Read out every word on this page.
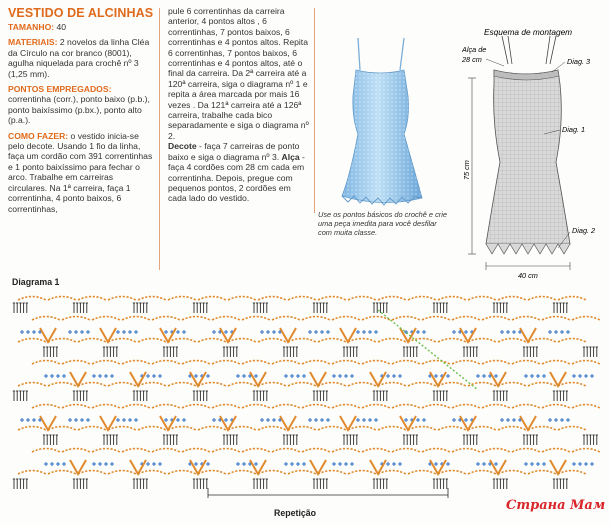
VESTIDO DE ALCINHAS

TAMANHO: 40

MATERIAIS: 2 novelos da linha Cléa da Círculo na cor branco (8001), agulha niquelada para crochê nº 3 (1,25 mm).

PONTOS EMPREGADOS:

correntinha (corr.), ponto baixo (p.b.), ponto baixíssimo (p.bx.), ponto alto (p.a.).

COMO FAZER: o vestido inicia-se pelo decote. Usando 1 fio da linha, faça um cordão com 391 correntinhas e 1 ponto baixíssimo para fechar o arco. Trabalhe em carreiras circulares. Na 1ª carreira, faça 1 correntinha, 4 ponto baixos, 6 correntinhas,

pule 6 correntinhas da carreira anterior, 4 pontos altos , 6 correntinhas, 7 pontos baixos, 6 correntinhas e 4 pontos altos. Repita 6 correntinhas, 7 pontos baixos, 6 correntinhas e 4 pontos altos, até o final da carreira. Da 2ª carreira até a 120ª carreira, siga o diagrama nº 1 e repita a área marcada por mais 16 vezes . Da 121ª carreira até a 126ª carreira, trabalhe cada bico separadamente e siga o diagrama nº 2.

Decote - faça 7 carreiras de ponto baixo e siga o diagrama nº 3. Alça - faça 4 cordões com 28 cm cada em correntinha. Depois, pregue com pequenos pontos, 2 cordões em cada lado do vestido.

Use os pontos básicos do crochê e crie uma peça imedita para você desfilar com muita classe.
Esquema de montagem
Alça de
28 cm	Diag. 3
Diag. 1
Diag. 2
75 cm
40 cm
Diagrama 1
Repetição	Страна Мам
